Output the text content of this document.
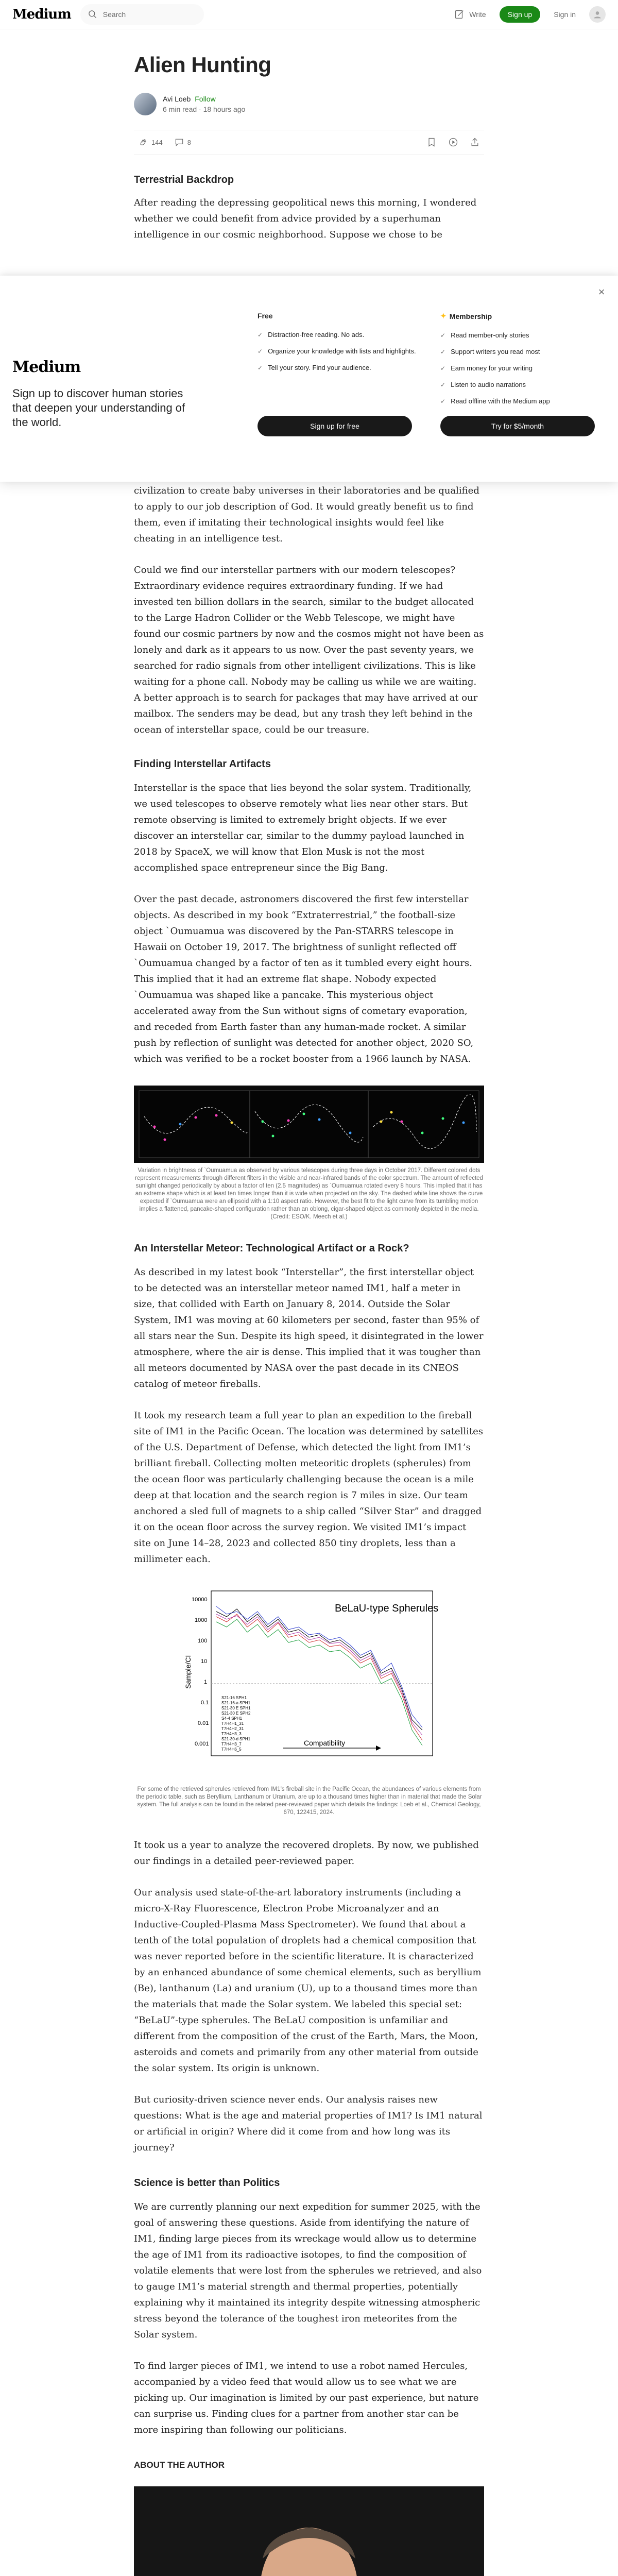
Medium	Search	Write	Sign up	Sign in
Alien Hunting
Avi Loeb Follow
6 min read · 18 hours ago
144	8
Terrestrial Backdrop

After reading the depressing geopolitical news this morning, I wondered whether we could benefit from advice provided by a superhuman intelligence in our cosmic neighborhood. Suppose we chose to be

×
Medium
Sign up to discover human stories that deepen your understanding of the world.
Free
✓ Distraction-free reading. No ads.
✓ Organize your knowledge with lists and highlights.
✓ Tell your story. Find your audience.
Sign up for free
✦ Membership
✓ Read member-only stories
✓ Support writers you read most
✓ Earn money for your writing
✓ Listen to audio narrations
✓ Read offline with the Medium app
Try for $5/month

civilization to create baby universes in their laboratories and be qualified to apply to our job description of God. It would greatly benefit us to find them, even if imitating their technological insights would feel like cheating in an intelligence test.

Could we find our interstellar partners with our modern telescopes? Extraordinary evidence requires extraordinary funding. If we had invested ten billion dollars in the search, similar to the budget allocated to the Large Hadron Collider or the Webb Telescope, we might have found our cosmic partners by now and the cosmos might not have been as lonely and dark as it appears to us now. Over the past seventy years, we searched for radio signals from other intelligent civilizations. This is like waiting for a phone call. Nobody may be calling us while we are waiting. A better approach is to search for packages that may have arrived at our mailbox. The senders may be dead, but any trash they left behind in the ocean of interstellar space, could be our treasure.

Finding Interstellar Artifacts

Interstellar is the space that lies beyond the solar system. Traditionally, we used telescopes to observe remotely what lies near other stars. But remote observing is limited to extremely bright objects. If we ever discover an interstellar car, similar to the dummy payload launched in 2018 by SpaceX, we will know that Elon Musk is not the most accomplished space entrepreneur since the Big Bang.

Over the past decade, astronomers discovered the first few interstellar objects. As described in my book “Extraterrestrial,” the football-size object `Oumuamua was discovered by the Pan-STARRS telescope in Hawaii on October 19, 2017. The brightness of sunlight reflected off `Oumuamua changed by a factor of ten as it tumbled every eight hours. This implied that it had an extreme flat shape. Nobody expected `Oumuamua was shaped like a pancake. This mysterious object accelerated away from the Sun without signs of cometary evaporation, and receded from Earth faster than any human-made rocket. A similar push by reflection of sunlight was detected for another object, 2020 SO, which was verified to be a rocket booster from a 1966 launch by NASA.

Variation in brightness of `Oumuamua as observed by various telescopes during three days in October 2017. Different colored dots represent measurements through different filters in the visible and near-infrared bands of the color spectrum. The amount of reflected sunlight changed periodically by about a factor of ten (2.5 magnitudes) as `Oumuamua rotated every 8 hours. This implied that it has an extreme shape which is at least ten times longer than it is wide when projected on the sky. The dashed white line shows the curve expected if `Oumuamua were an ellipsoid with a 1:10 aspect ratio. However, the best fit to the light curve from its tumbling motion implies a flattened, pancake-shaped configuration rather than an oblong, cigar-shaped object as commonly depicted in the media. (Credit: ESO/K. Meech et al.)
An Interstellar Meteor: Technological Artifact or a Rock?

As described in my latest book “Interstellar”, the first interstellar object to be detected was an interstellar meteor named IM1, half a meter in size, that collided with Earth on January 8, 2014. Outside the Solar System, IM1 was moving at 60 kilometers per second, faster than 95% of all stars near the Sun. Despite its high speed, it disintegrated in the lower atmosphere, where the air is dense. This implied that it was tougher than all meteors documented by NASA over the past decade in its CNEOS catalog of meteor fireballs.

It took my research team a full year to plan an expedition to the fireball site of IM1 in the Pacific Ocean. The location was determined by satellites of the U.S. Department of Defense, which detected the light from IM1’s brilliant fireball. Collecting molten meteoritic droplets (spherules) from the ocean floor was particularly challenging because the ocean is a mile deep at that location and the search region is 7 miles in size. Our team anchored a sled full of magnets to a ship called “Silver Star” and dragged it on the ocean floor across the survey region. We visited IM1’s impact site on June 14–28, 2023 and collected 850 tiny droplets, less than a millimeter each.

BeLaU-type Spherules
Sample/CI
10000
1000
100
10
1
0.1
0.01
0.001
S21-16 SPH1
S21-16-a SPH1
S21-30 E SPH1
S21-30 E SPH2
S4-4 SPH1
T7H4H1_31
T7H4H2_31
T7H4H3_3
S21-30-d SPH1
T7H4H3_7
T7H4H6_5
Compatibility
For some of the retrieved spherules retrieved from IM1’s fireball site in the Pacific Ocean, the abundances of various elements from the periodic table, such as Beryllium, Lanthanum or Uranium, are up to a thousand times higher than in material that made the Solar system. The full analysis can be found in the related peer-reviewed paper which details the findings: Loeb et al., Chemical Geology, 670, 122415, 2024.

It took us a year to analyze the recovered droplets. By now, we published our findings in a detailed peer-reviewed paper.

Our analysis used state-of-the-art laboratory instruments (including a micro-X-Ray Fluorescence, Electron Probe Microanalyzer and an Inductive-Coupled-Plasma Mass Spectrometer). We found that about a tenth of the total population of droplets had a chemical composition that was never reported before in the scientific literature. It is characterized by an enhanced abundance of some chemical elements, such as beryllium (Be), lanthanum (La) and uranium (U), up to a thousand times more than the materials that made the Solar system. We labeled this special set: “BeLaU”-type spherules. The BeLaU composition is unfamiliar and different from the composition of the crust of the Earth, Mars, the Moon, asteroids and comets and primarily from any other material from outside the solar system. Its origin is unknown.

But curiosity-driven science never ends. Our analysis raises new questions: What is the age and material properties of IM1? Is IM1 natural or artificial in origin? Where did it come from and how long was its journey?

Science is better than Politics

We are currently planning our next expedition for summer 2025, with the goal of answering these questions. Aside from identifying the nature of IM1, finding large pieces from its wreckage would allow us to determine the age of IM1 from its radioactive isotopes, to find the composition of volatile elements that were lost from the spherules we retrieved, and also to gauge IM1’s material strength and thermal properties, potentially explaining why it maintained its integrity despite witnessing atmospheric stress beyond the tolerance of the toughest iron meteorites from the Solar system.

To find larger pieces of IM1, we intend to use a robot named Hercules, accompanied by a video feed that would allow us to see what we are picking up. Our imagination is limited by our past experience, but nature can surprise us. Finding clues for a partner from another star can be more inspiring than following our politicians.

ABOUT THE AUTHOR
